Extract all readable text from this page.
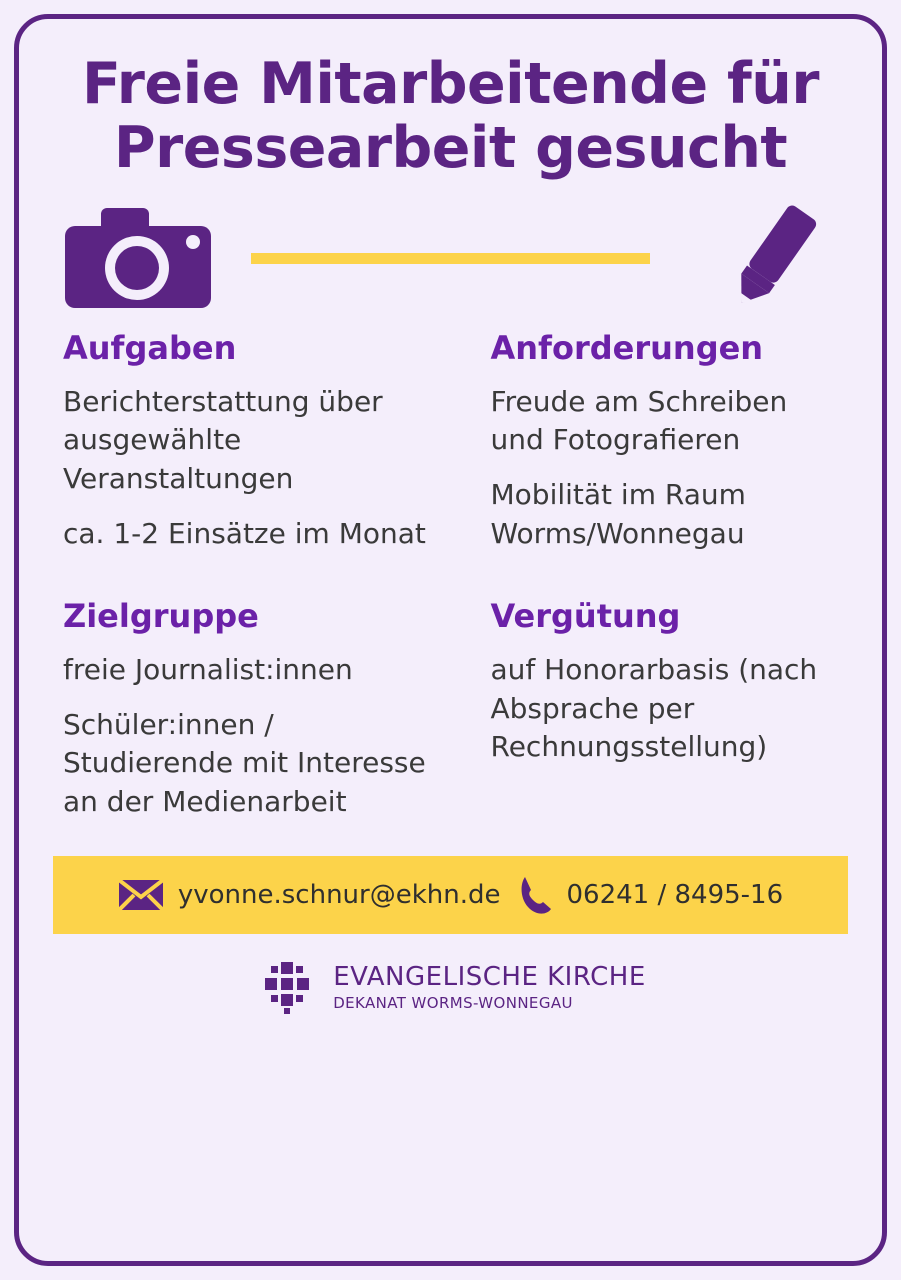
Freie Mitarbeitende für Pressearbeit gesucht
Aufgaben

Berichterstattung über ausgewählte Veranstaltungen

ca. 1-2 Einsätze im Monat

Zielgruppe

freie Journalist:innen

Schüler:innen / Studierende mit Interesse an der Medienarbeit

Anforderungen

Freude am Schreiben und Fotografieren

Mobilität im Raum Worms/Wonnegau

Vergütung

auf Honorarbasis (nach Absprache per Rechnungsstellung)

yvonne.schnur@ekhn.de	06241 / 8495-16
EVANGELISCHE KIRCHE
DEKANAT WORMS-WONNEGAU
